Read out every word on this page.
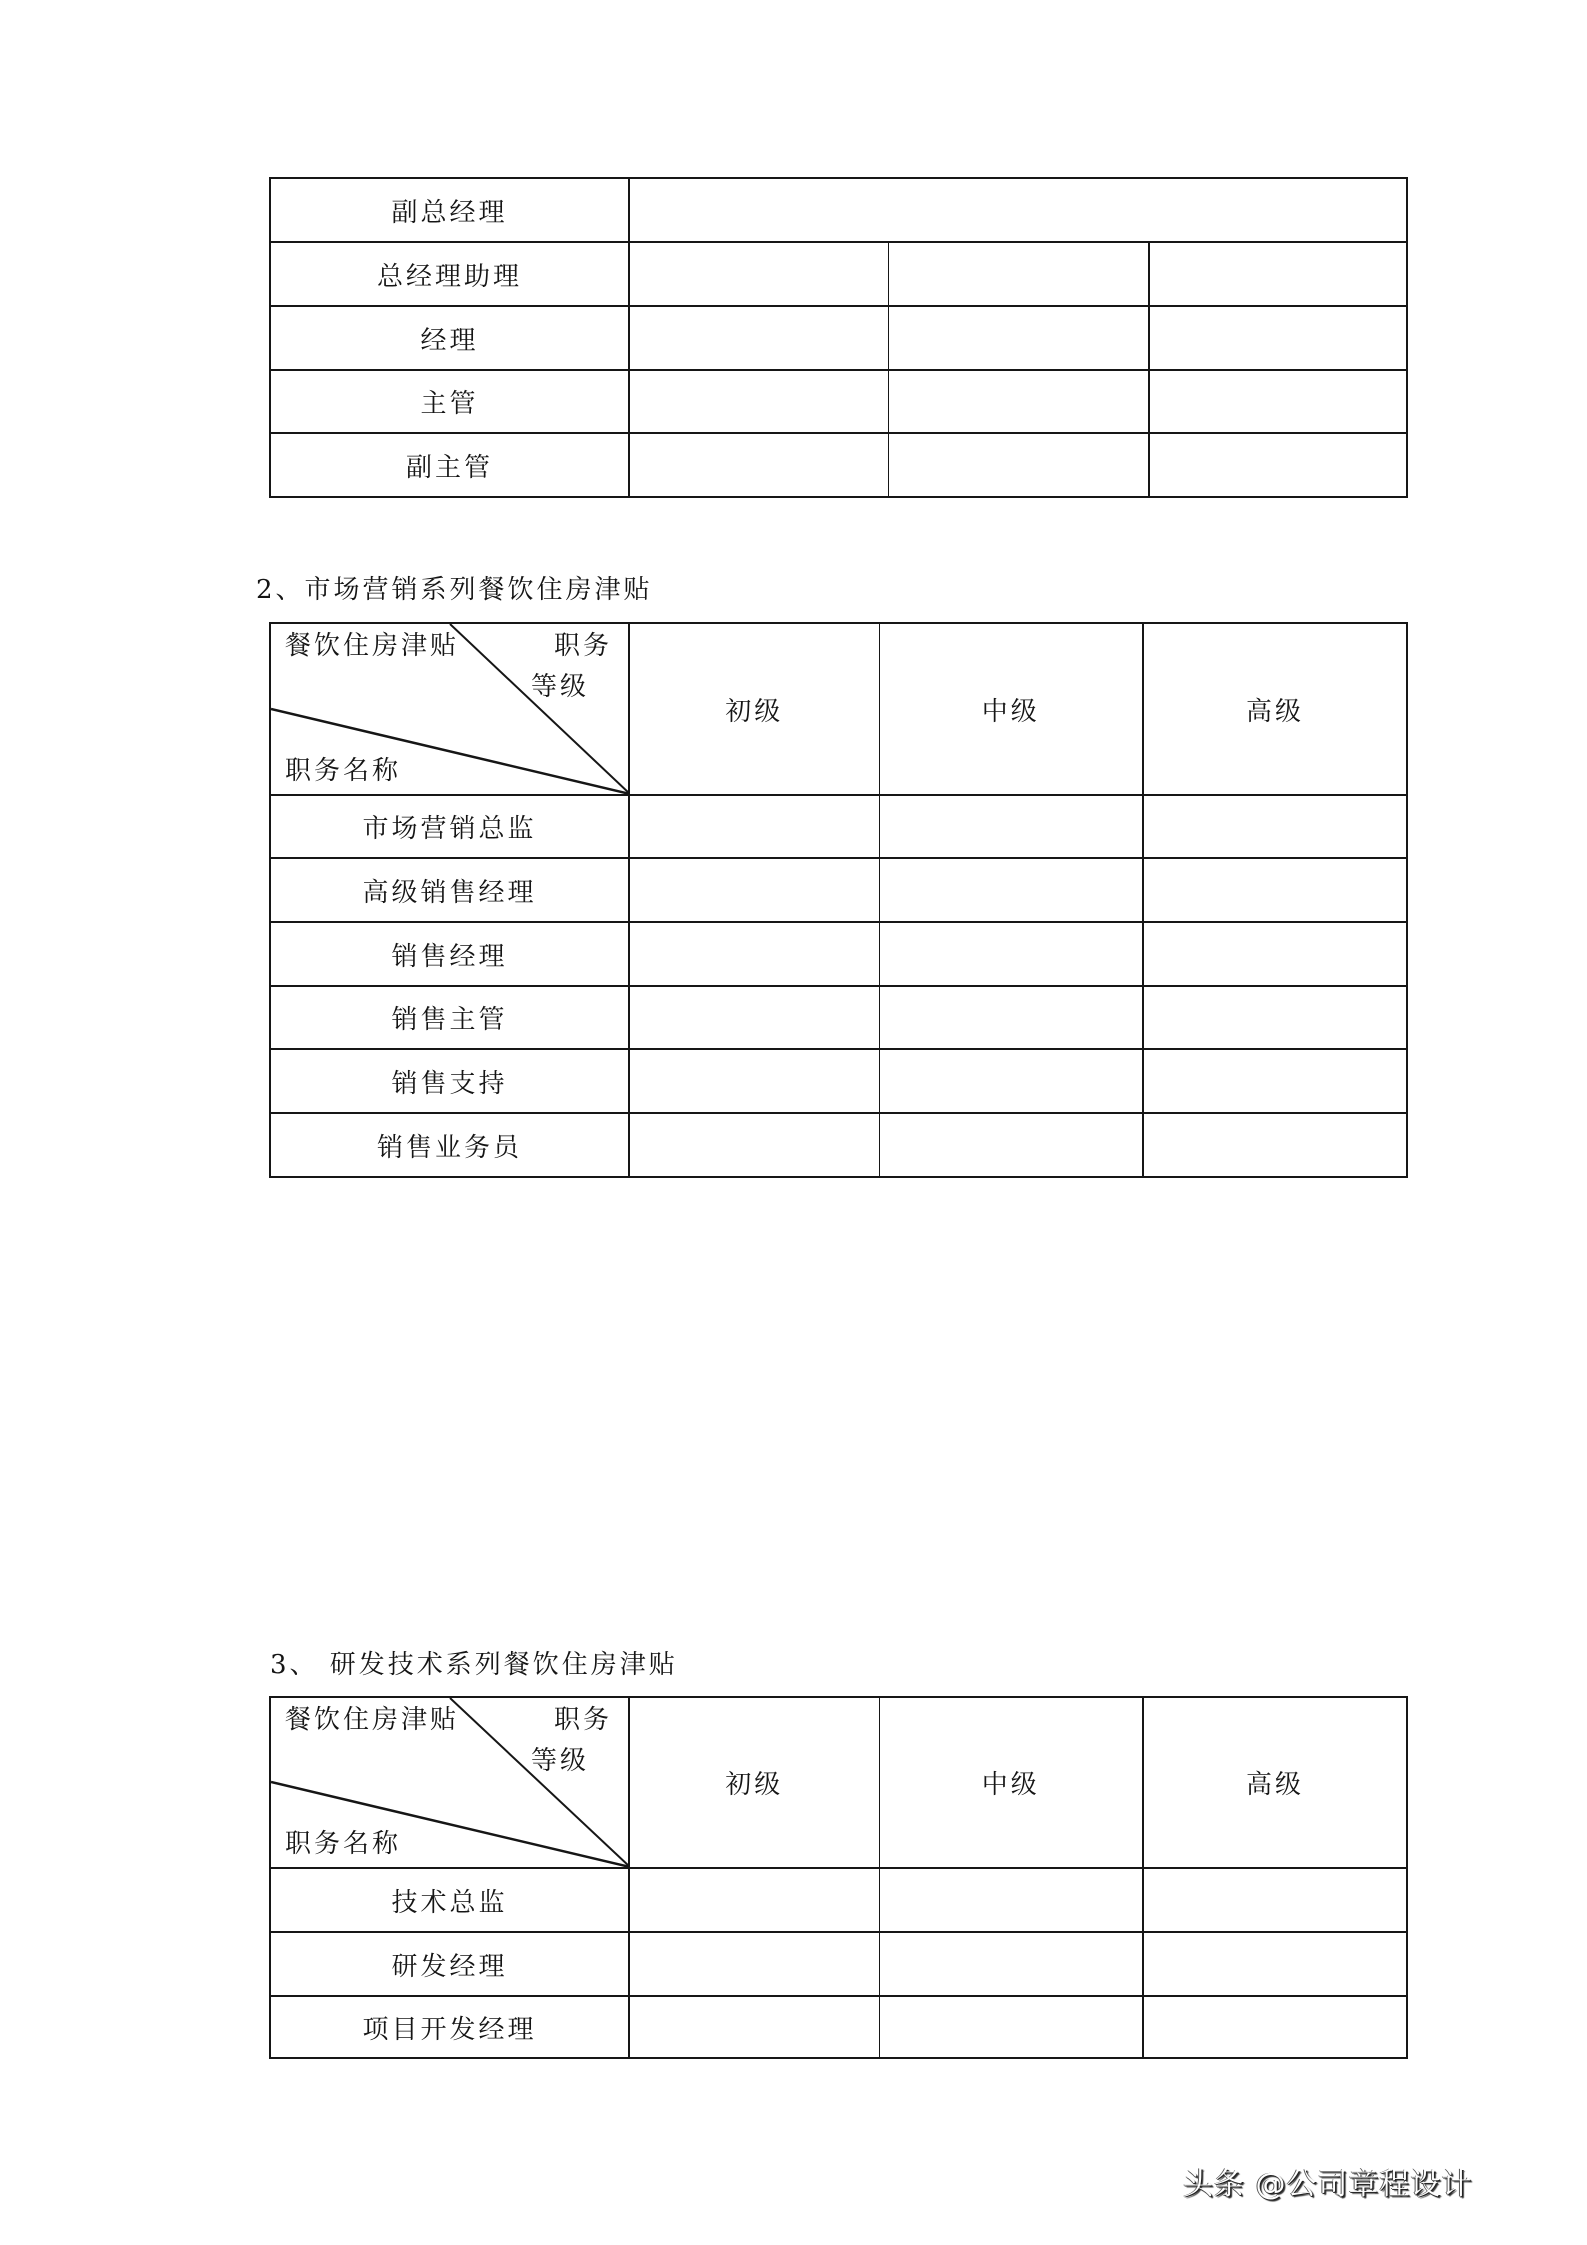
副总经理			
总经理助理			
经理			
主管			
副主管			
2、市场营销系列餐饮住房津贴
餐饮住房津贴 职务
等级
职务名称	初级	中级	高级
市场营销总监			
高级销售经理			
销售经理			
销售主管			
销售支持			
销售业务员			
3、 研发技术系列餐饮住房津贴
餐饮住房津贴 职务
等级
职务名称	初级	中级	高级
技术总监			
研发经理			
项目开发经理			
头条 @公司章程设计
